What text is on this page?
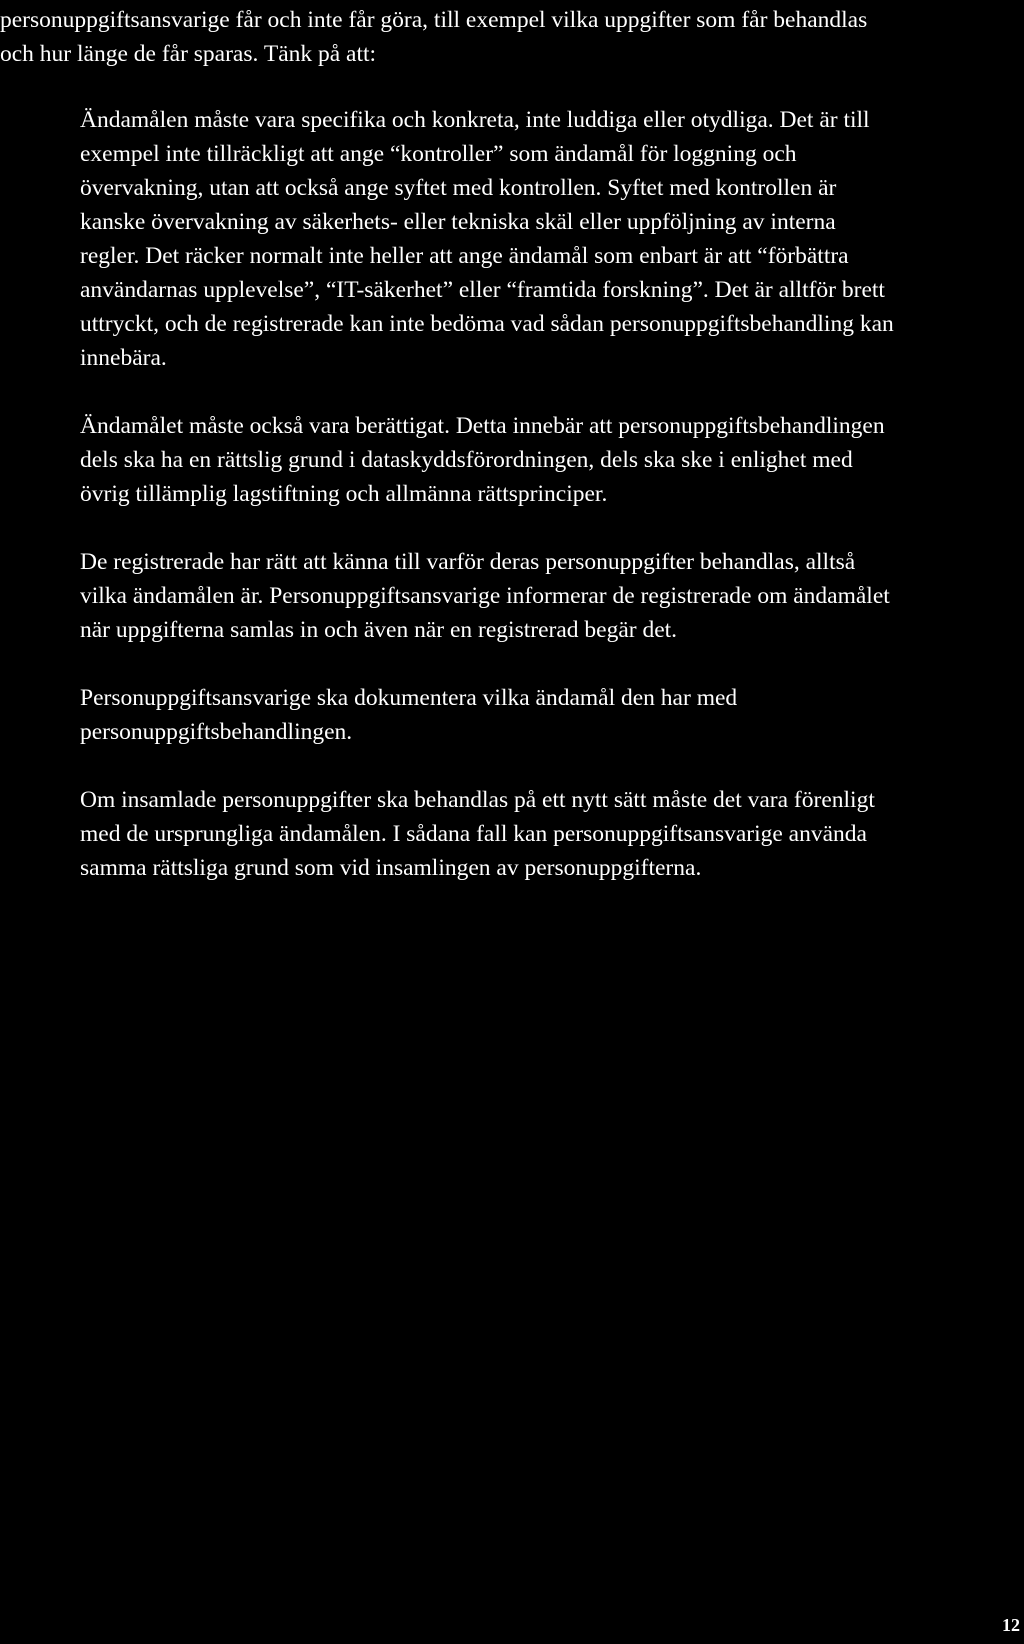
personuppgiftsansvarige får och inte får göra, till exempel vilka uppgifter som får behandlas
och hur länge de får sparas. Tänk på att:
Ändamålen måste vara specifika och konkreta, inte luddiga eller otydliga. Det är till
exempel inte tillräckligt att ange “kontroller” som ändamål för loggning och
övervakning, utan att också ange syftet med kontrollen. Syftet med kontrollen är
kanske övervakning av säkerhets- eller tekniska skäl eller uppföljning av interna
regler. Det räcker normalt inte heller att ange ändamål som enbart är att “förbättra
användarnas upplevelse”, “IT-säkerhet” eller “framtida forskning”. Det är alltför brett
uttryckt, och de registrerade kan inte bedöma vad sådan personuppgiftsbehandling kan
innebära.
Ändamålet måste också vara berättigat. Detta innebär att personuppgiftsbehandlingen
dels ska ha en rättslig grund i dataskyddsförordningen, dels ska ske i enlighet med
övrig tillämplig lagstiftning och allmänna rättsprinciper.
De registrerade har rätt att känna till varför deras personuppgifter behandlas, alltså
vilka ändamålen är. Personuppgiftsansvarige informerar de registrerade om ändamålet
när uppgifterna samlas in och även när en registrerad begär det.
Personuppgiftsansvarige ska dokumentera vilka ändamål den har med
personuppgiftsbehandlingen.
Om insamlade personuppgifter ska behandlas på ett nytt sätt måste det vara förenligt
med de ursprungliga ändamålen. I sådana fall kan personuppgiftsansvarige använda
samma rättsliga grund som vid insamlingen av personuppgifterna.
12
